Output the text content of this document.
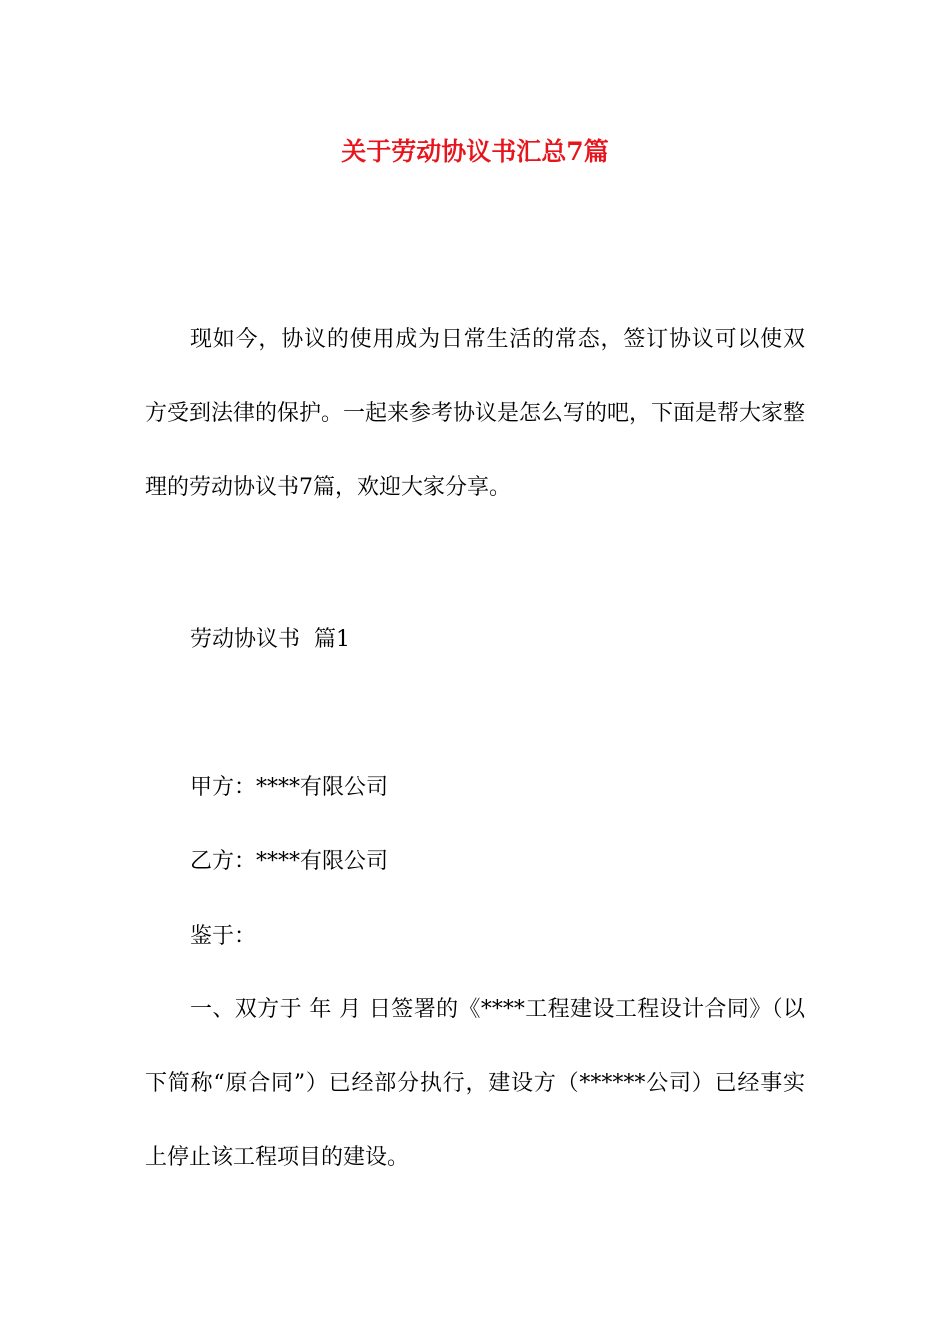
关于劳动协议书汇总7篇

现如今，协议的使用成为日常生活的常态，签订协议可以使双方受到法律的保护。一起来参考协议是怎么写的吧，下面是帮大家整理的劳动协议书7篇，欢迎大家分享。

劳动协议书  篇1

甲方：****有限公司

乙方：****有限公司

鉴于：

一、双方于 年 月 日签署的《****工程建设工程设计合同》（以下简称“原合同”）已经部分执行，建设方（******公司）已经事实上停止该工程项目的建设。
